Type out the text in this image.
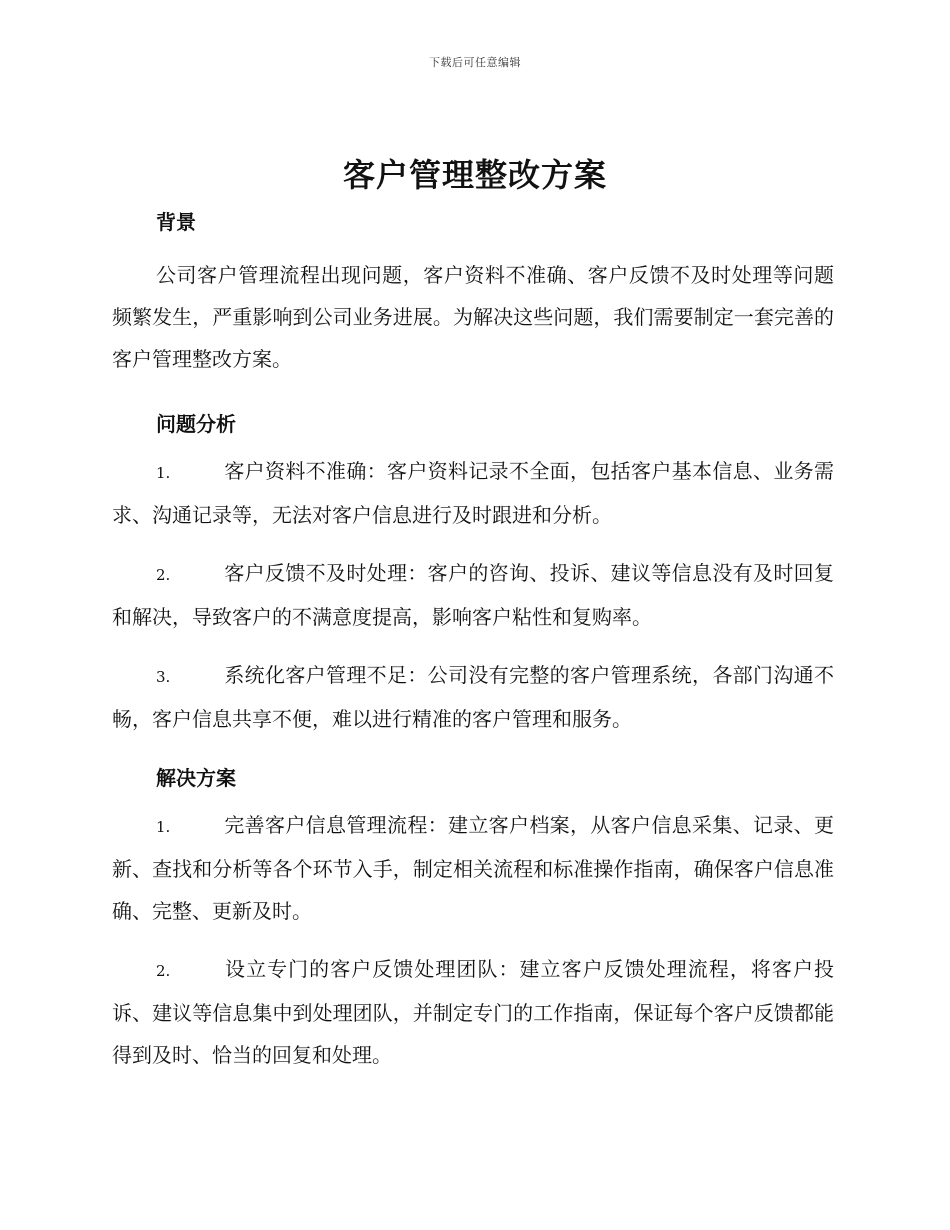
下载后可任意编辑
客户管理整改方案
背景
公司客户管理流程出现问题，客户资料不准确、客户反馈不及时处理等问题频繁发生，严重影响到公司业务进展。为解决这些问题，我们需要制定一套完善的客户管理整改方案。
问题分析
1.	客户资料不准确：客户资料记录不全面，包括客户基本信息、业务需求、沟通记录等，无法对客户信息进行及时跟进和分析。
2.	客户反馈不及时处理：客户的咨询、投诉、建议等信息没有及时回复和解决，导致客户的不满意度提高，影响客户粘性和复购率。
3.	系统化客户管理不足：公司没有完整的客户管理系统，各部门沟通不畅，客户信息共享不便，难以进行精准的客户管理和服务。
解决方案
1.	完善客户信息管理流程：建立客户档案，从客户信息采集、记录、更新、查找和分析等各个环节入手，制定相关流程和标准操作指南，确保客户信息准确、完整、更新及时。
2.	设立专门的客户反馈处理团队：建立客户反馈处理流程，将客户投诉、建议等信息集中到处理团队，并制定专门的工作指南，保证每个客户反馈都能得到及时、恰当的回复和处理。
